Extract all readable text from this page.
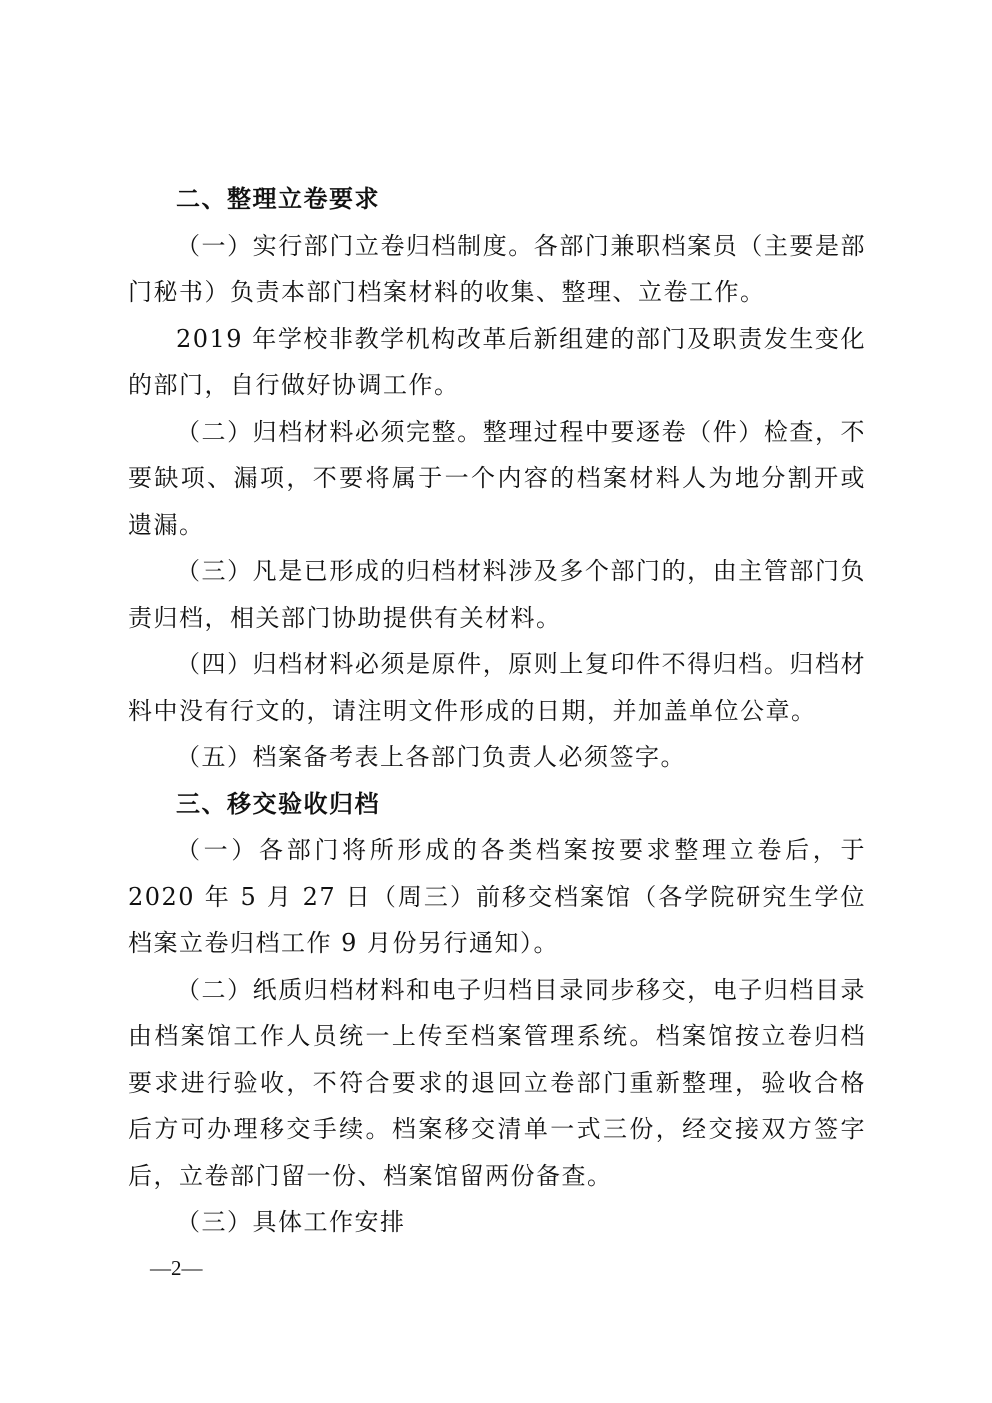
二、整理立卷要求

（一）实行部门立卷归档制度。各部门兼职档案员（主要是部门秘书）负责本部门档案材料的收集、整理、立卷工作。

2019 年学校非教学机构改革后新组建的部门及职责发生变化的部门，自行做好协调工作。

（二）归档材料必须完整。整理过程中要逐卷（件）检查，不要缺项、漏项，不要将属于一个内容的档案材料人为地分割开或遗漏。

（三）凡是已形成的归档材料涉及多个部门的，由主管部门负责归档，相关部门协助提供有关材料。

（四）归档材料必须是原件，原则上复印件不得归档。归档材料中没有行文的，请注明文件形成的日期，并加盖单位公章。

（五）档案备考表上各部门负责人必须签字。

三、移交验收归档

（一）各部门将所形成的各类档案按要求整理立卷后，于2020 年 5 月 27 日（周三）前移交档案馆（各学院研究生学位档案立卷归档工作 9 月份另行通知）。

（二）纸质归档材料和电子归档目录同步移交，电子归档目录由档案馆工作人员统一上传至档案管理系统。档案馆按立卷归档要求进行验收，不符合要求的退回立卷部门重新整理，验收合格后方可办理移交手续。档案移交清单一式三份，经交接双方签字后，立卷部门留一份、档案馆留两份备查。

（三）具体工作安排

—2—
